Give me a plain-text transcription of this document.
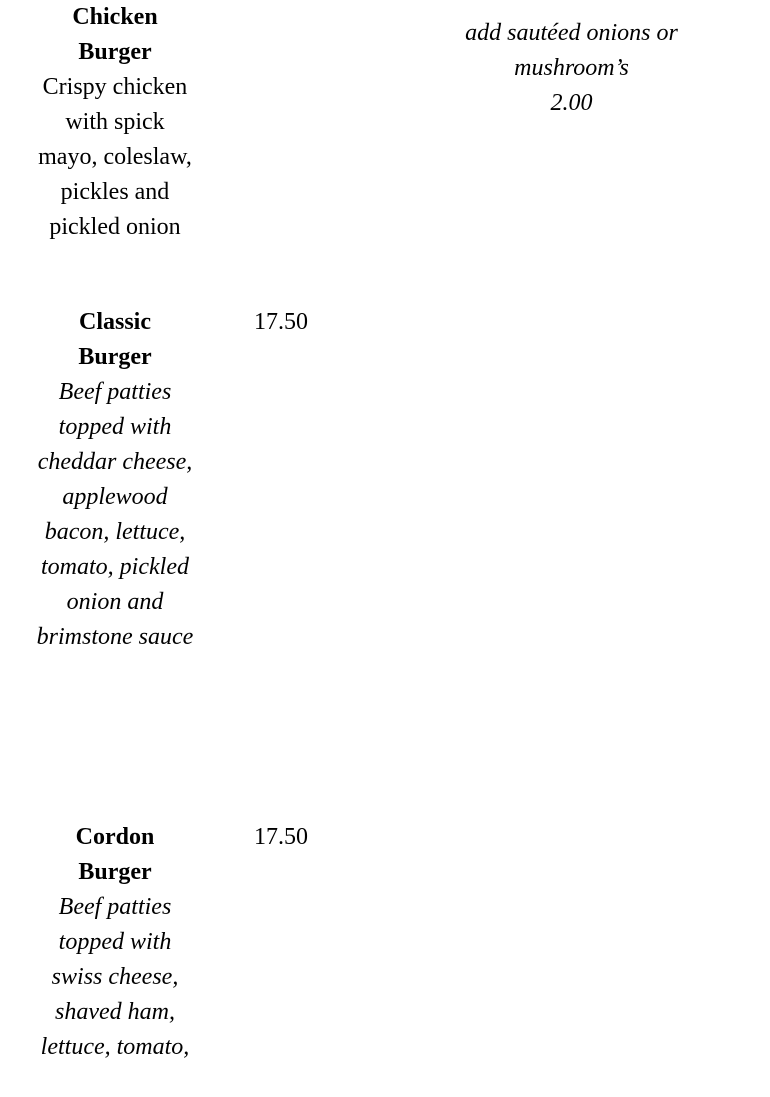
Chicken
Burger
Crispy chicken with spick mayo, coleslaw, pickles and pickled onion
add sautéed onions or
mushroom’s
2.00
Classic
Burger
Beef patties topped with cheddar cheese, applewood bacon, lettuce, tomato, pickled onion and brimstone sauce
17.50
Cordon
Burger
Beef patties topped with swiss cheese, shaved ham, lettuce, tomato,
17.50
